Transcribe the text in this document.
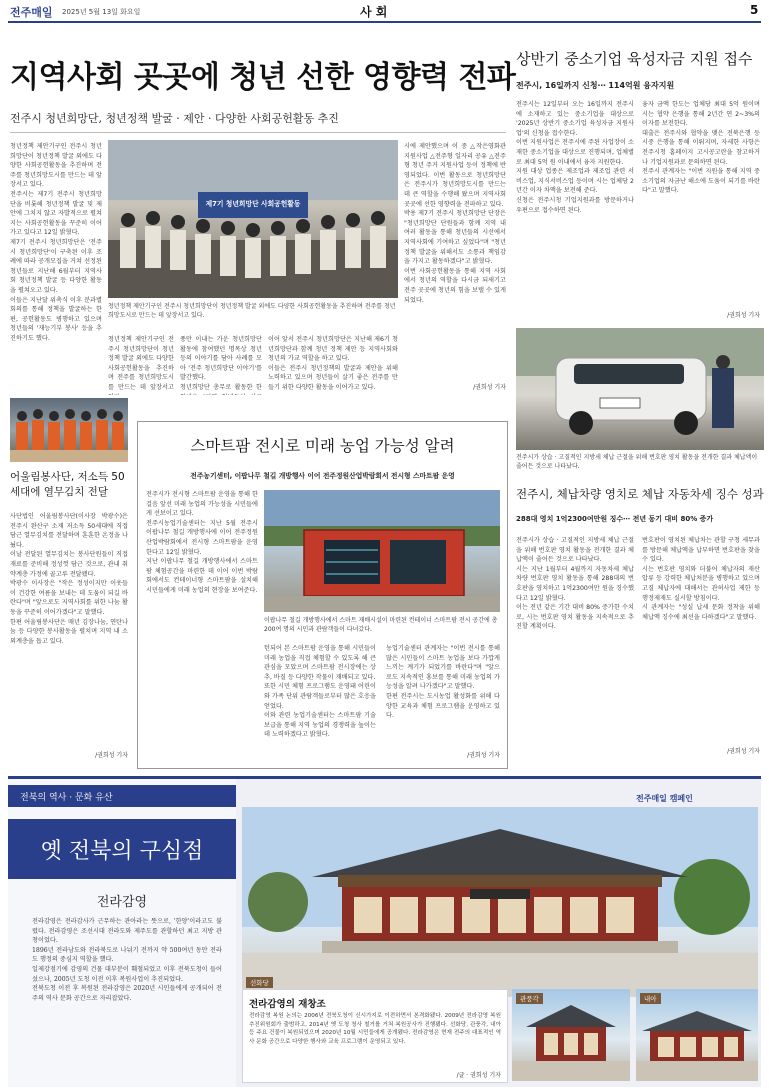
전주매일 2025년 5월 13일 화요일	사 회	5
지역사회 곳곳에 청년 선한 영향력 전파
전주시 청년희망단, 청년정책 발굴 · 제안 · 다양한 사회공헌활동 추진
청년정책 제안기구인 전주시 청년희망단이 청년정책 발굴 외에도 다양한 사회공헌활동을 추진하며 전주를 청년희망도시를 만드는 데 앞장서고 있다.
전주시는 제7기 전주시 청년희망단을 비롯해 청년정책 발굴 및 제안에 그치지 않고 자발적으로 펼쳐지는 사회공헌활동을 꾸준히 이어가고 있다고 12일 밝혔다.
제7기 전주시 청년희망단은 '전주시 청년희망단'이 구축된 이후 조례에 따라 공개모집을 거쳐 선정된 청년들로 지난해 6월부터 지역사회 청년정책 발굴 등 다양한 활동을 펼쳐오고 있다.
이들은 지난달 위촉식 이후 분과별 회의를 통해 정책을 발굴하는 한편, 공헌활동도 병행하고 있으며 청년들의 '재능기부 봉사' 등을 추진하기도 했다.
제7기 청년희망단 사회공헌활동
청년정책 제안기구인 전주시 청년희망단이 청년정책 발굴 외에도 다양한 사회공헌활동을 추진하며 전주를 청년희망도시로 만드는 데 앞장서고 있다.
시에 제안했으며 이 중 △작은영화관 지원사업 △전주형 일자리 공유 △전주형 청년 주거 지원사업 등이 정책에 반영되었다. 이번 활동으로 청년희망단은 전주시가 청년희망도시를 만드는 데 큰 역할을 수행해 왔으며 지역사회 곳곳에 선한 영향력을 전파하고 있다.
박용 제7기 전주시 청년희망단 단장은 "청년희망단 단원들과 함께 지역 내 여러 활동을 통해 청년들의 시선에서 지역사회에 기여하고 싶었다"며 "청년정책 발굴을 위해서도 소통과 책임감을 가지고 활동하겠다"고 밝혔다.
이번 사회공헌활동을 통해 지역 사회에서 청년의 역할을 다시금 되새기고 전주 곳곳에 청년의 힘을 보탤 수 있게 되었다.
풍만 이내는 가운 청년희망단 활동에 참여했던 명목상 청년 등의 이야기를 담아 사례를 모아 '전주 청년희망단 이야기'를 발간했다.
청년희망단 총무로 활동한 한
이어 앞서 전주시 청년희망단은 지난해 제6기 청년희망단과 함께 청년 정책 제안 등 지역사회와 청년의 가교 역할을 하고 있다.
이들은 전주시 청년정책의 발굴과 제안을 위해 노력하고 있으며 청년들이 살기 좋은 전주를 만들기 위한 다양한 활동을 이어가고 있다.
청년정책 제안기구인 전주시 청년희망단이 청년정책 발굴 외에도 다양한 사회공헌활동을 추진하며 전주를 청년희망도시를 만드는 데 앞장서고

	/권희성 기자
상반기 중소기업 육성자금 지원 접수
전주시, 16일까지 신청⋯ 114억원 융자지원
전주시는 12일부터 오는 16일까지 전주시에 소재하고 있는 중소기업을 대상으로 '2025년 상반기 중소기업 육성자금 지원사업'의 신청을 접수한다.
이번 지원사업은 전주시에 주된 사업장이 소재한 중소기업을 대상으로 진행되며, 업체별로 최대 5억 원 이내에서 융자 지원한다.
지원 대상 업종은 제조업과 제조업 관련 서비스업, 지식서비스업 등이며 시는 업체당 2년간 이자 차액을 보전해 준다.
신청은 전주시청 기업지원과를 방문하거나 우편으로 접수하면 된다.
융자 금액 한도는 업체당 최대 5억 원이며 시는 협약 은행을 통해 2년간 연 2~3%의 이자를 보전한다.
대출은 전주시와 협약을 맺은 전북은행 등 시중 은행을 통해 이뤄지며, 자세한 사항은 전주시청 홈페이지 고시공고란을 참고하거나 기업지원과로 문의하면 된다.
전주시 관계자는 "이번 지원을 통해 지역 중소기업의 자금난 해소에 도움이 되기를 바란다"고 말했다.
/권희성 기자
전주시가 상습 · 고질적인 지방세 체납 근절을 위해 번호판 영치 활동을 전개한 결과 체납액이 줄어든 것으로 나타났다.
어울림봉사단, 저소득 50세대에 열무김치 전달
사단법인 어울림봉사단(이사장 박광수)은 전주시 완산구 소재 저소득 50세대에 직접 담근 열무김치를 전달하며 훈훈한 온정을 나눴다.
이날 전달된 열무김치는 봉사단원들이 직접 재료를 준비해 정성껏 담근 것으로, 관내 취약계층 가정에 골고루 전달됐다.
박광수 이사장은 "작은 정성이지만 이웃들이 건강한 여름을 보내는 데 도움이 되길 바란다"며 "앞으로도 지역사회를 위한 나눔 활동을 꾸준히 이어가겠다"고 말했다.
한편 어울림봉사단은 매년 김장나눔, 연탄나눔 등 다양한 봉사활동을 펼치며 지역 내 소외계층을 돕고 있다.
/권희성 기자
스마트팜 전시로 미래 농업 가능성 알려
전주농기센터, 이팝나무 철길 개방행사 이어 전주정원산업박람회서 전시형 스마트팜 운영
전주시가 전시형 스마트팜 운영을 통해 한 걸음 앞선 미래 농업의 가능성을 시민들에게 선보이고 있다.
전주시농업기술센터는 지난 5월 전주시 이팝나무 철길 개방행사에 이어 전주정원산업박람회에서 전시형 스마트팜을 운영한다고 12일 밝혔다.
지난 이팝나무 철길 개방행사에서 스마트팜 체험공간을 마련한 데 이어 이번 박람회에서도 컨테이너형 스마트팜을 설치해 시민들에게 미래 농업의 현장을 보여준다.
이팝나무 철길 개방행사에서 스마트 재배시설이 마련된 컨테이너 스마트팜 전시 공간에 총 200여 명의 시민과 관람객들이 다녀갔다.
턴되어 본 스마트팜 운영을 통해 시민들이 미래 농업을 직접 체험할 수 있도록 해 큰 관심을 모았으며 스마트팜 전시장에는 상추, 바질 등 다양한 작물이 재배되고 있다.
또한 시민 체험 프로그램도 운영돼 어린이와 가족 단위 관람객들로부터 많은 호응을 얻었다.
이와 관련 농업기술센터는 스마트팜 기술 보급을 통해 지역 농업의 경쟁력을 높이는 데 노력하겠다고 밝혔다.
농업기술센터 관계자는 "이번 전시를 통해 많은 시민들이 스마트 농업을 보다 가깝게 느끼는 계기가 되었기를 바란다"며 "앞으로도 지속적인 홍보를 통해 미래 농업의 가능성을 알려 나가겠다"고 말했다.
한편 전주시는 도시농업 활성화를 위해 다양한 교육과 체험 프로그램을 운영하고 있다.
/권희성 기자
전주시, 체납차량 영치로 체납 자동차세 징수 성과
288대 영치 1억2300여만원 징수⋯ 전년 동기 대비 80% 증가
전주시가 상습 · 고질적인 지방세 체납 근절을 위해 번호판 영치 활동을 전개한 결과 체납액이 줄어든 것으로 나타났다.
시는 지난 1월부터 4월까지 자동차세 체납 차량 번호판 영치 활동을 통해 288대의 번호판을 영치하고 1억2300여만 원을 징수했다고 12일 밝혔다.
이는 전년 같은 기간 대비 80% 증가한 수치로, 시는 번호판 영치 활동을 지속적으로 추진할 계획이다.
번호판이 영치된 체납차는 관할 구청 세무과를 방문해 체납액을 납부하면 번호판을 찾을 수 있다.
시는 번호판 영치와 더불어 체납자의 재산 압류 등 강력한 체납처분을 병행하고 있으며 고질 체납자에 대해서는 관허사업 제한 등 행정제재도 실시할 방침이다.
시 관계자는 "성실 납세 문화 정착을 위해 체납액 징수에 최선을 다하겠다"고 말했다.
/권희성 기자
전북의 역사 · 문화 유산
옛 전북의 구심점
전라감영
전라감영은 전라감사가 근무하는 관아라는 뜻으로, '한양'이라고도 불렸다. 전라감영은 조선시대 전라도와 제주도를 관할하던 최고 지방 관청이었다.
1896년 전라남도와 전라북도로 나뉘기 전까지 약 500여년 동안 전라도 행정의 중심지 역할을 했다.
일제강점기에 감영의 건물 대부분이 훼철되었고 이후 전북도청이 들어섰으나, 2005년 도청 이전 이후 복원사업이 추진되었다.
전북도청 이전 후 복원된 전라감영은 2020년 시민들에게 공개되어 전주의 역사 문화 공간으로 자리잡았다.
전주매일 캠페인
전라감영의 재창조
전라감영 복원 논의는 2006년 전북도청이 신시가지로 이전하면서 본격화됐다. 2009년 전라감영 복원추진위원회가 출범하고, 2014년 옛 도청 청사 철거를 거쳐 복원공사가 진행됐다. 선화당, 관풍각, 내아 등 주요 건물이 복원되었으며 2020년 10월 시민들에게 공개됐다. 전라감영은 현재 전주의 대표적인 역사 문화 공간으로 다양한 행사와 교육 프로그램이 운영되고 있다.
/글 · 권희성 기자
선화당
관풍각	내아
